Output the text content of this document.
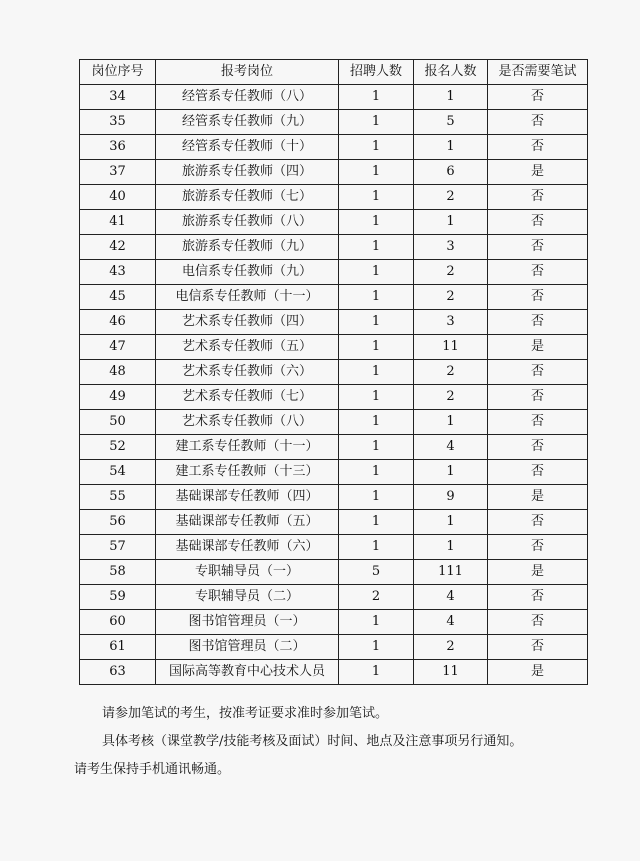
岗位序号	报考岗位	招聘人数	报名人数	是否需要笔试
34	经管系专任教师（八）	1	1	否
35	经管系专任教师（九）	1	5	否
36	经管系专任教师（十）	1	1	否
37	旅游系专任教师（四）	1	6	是
40	旅游系专任教师（七）	1	2	否
41	旅游系专任教师（八）	1	1	否
42	旅游系专任教师（九）	1	3	否
43	电信系专任教师（九）	1	2	否
45	电信系专任教师（十一）	1	2	否
46	艺术系专任教师（四）	1	3	否
47	艺术系专任教师（五）	1	11	是
48	艺术系专任教师（六）	1	2	否
49	艺术系专任教师（七）	1	2	否
50	艺术系专任教师（八）	1	1	否
52	建工系专任教师（十一）	1	4	否
54	建工系专任教师（十三）	1	1	否
55	基础课部专任教师（四）	1	9	是
56	基础课部专任教师（五）	1	1	否
57	基础课部专任教师（六）	1	1	否
58	专职辅导员（一）	5	111	是
59	专职辅导员（二）	2	4	否
60	图书馆管理员（一）	1	4	否
61	图书馆管理员（二）	1	2	否
63	国际高等教育中心技术人员	1	11	是

请参加笔试的考生，按准考证要求准时参加笔试。

具体考核（课堂教学/技能考核及面试）时间、地点及注意事项另行通知。

请考生保持手机通讯畅通。
